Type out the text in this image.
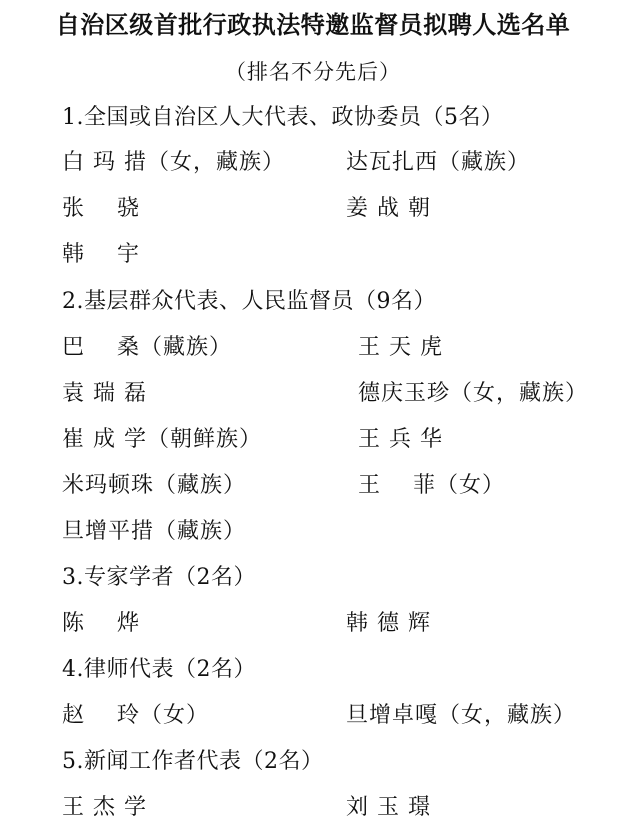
自治区级首批行政执法特邀监督员拟聘人选名单
（排名不分先后）
1.全国或自治区人大代表、政协委员（5名）
白 玛 措（女，藏族）	达瓦扎西（藏族）
张    骁	姜 战 朝
韩    宇
2.基层群众代表、人民监督员（9名）
巴    桑（藏族）	王 天 虎
袁 瑞 磊	德庆玉珍（女，藏族）
崔 成 学（朝鲜族）	王 兵 华
米玛顿珠（藏族）	王    菲（女）
旦增平措（藏族）
3.专家学者（2名）
陈    烨	韩 德 辉
4.律师代表（2名）
赵    玲（女）	旦增卓嘎（女，藏族）
5.新闻工作者代表（2名）
王 杰 学	刘 玉 璟
